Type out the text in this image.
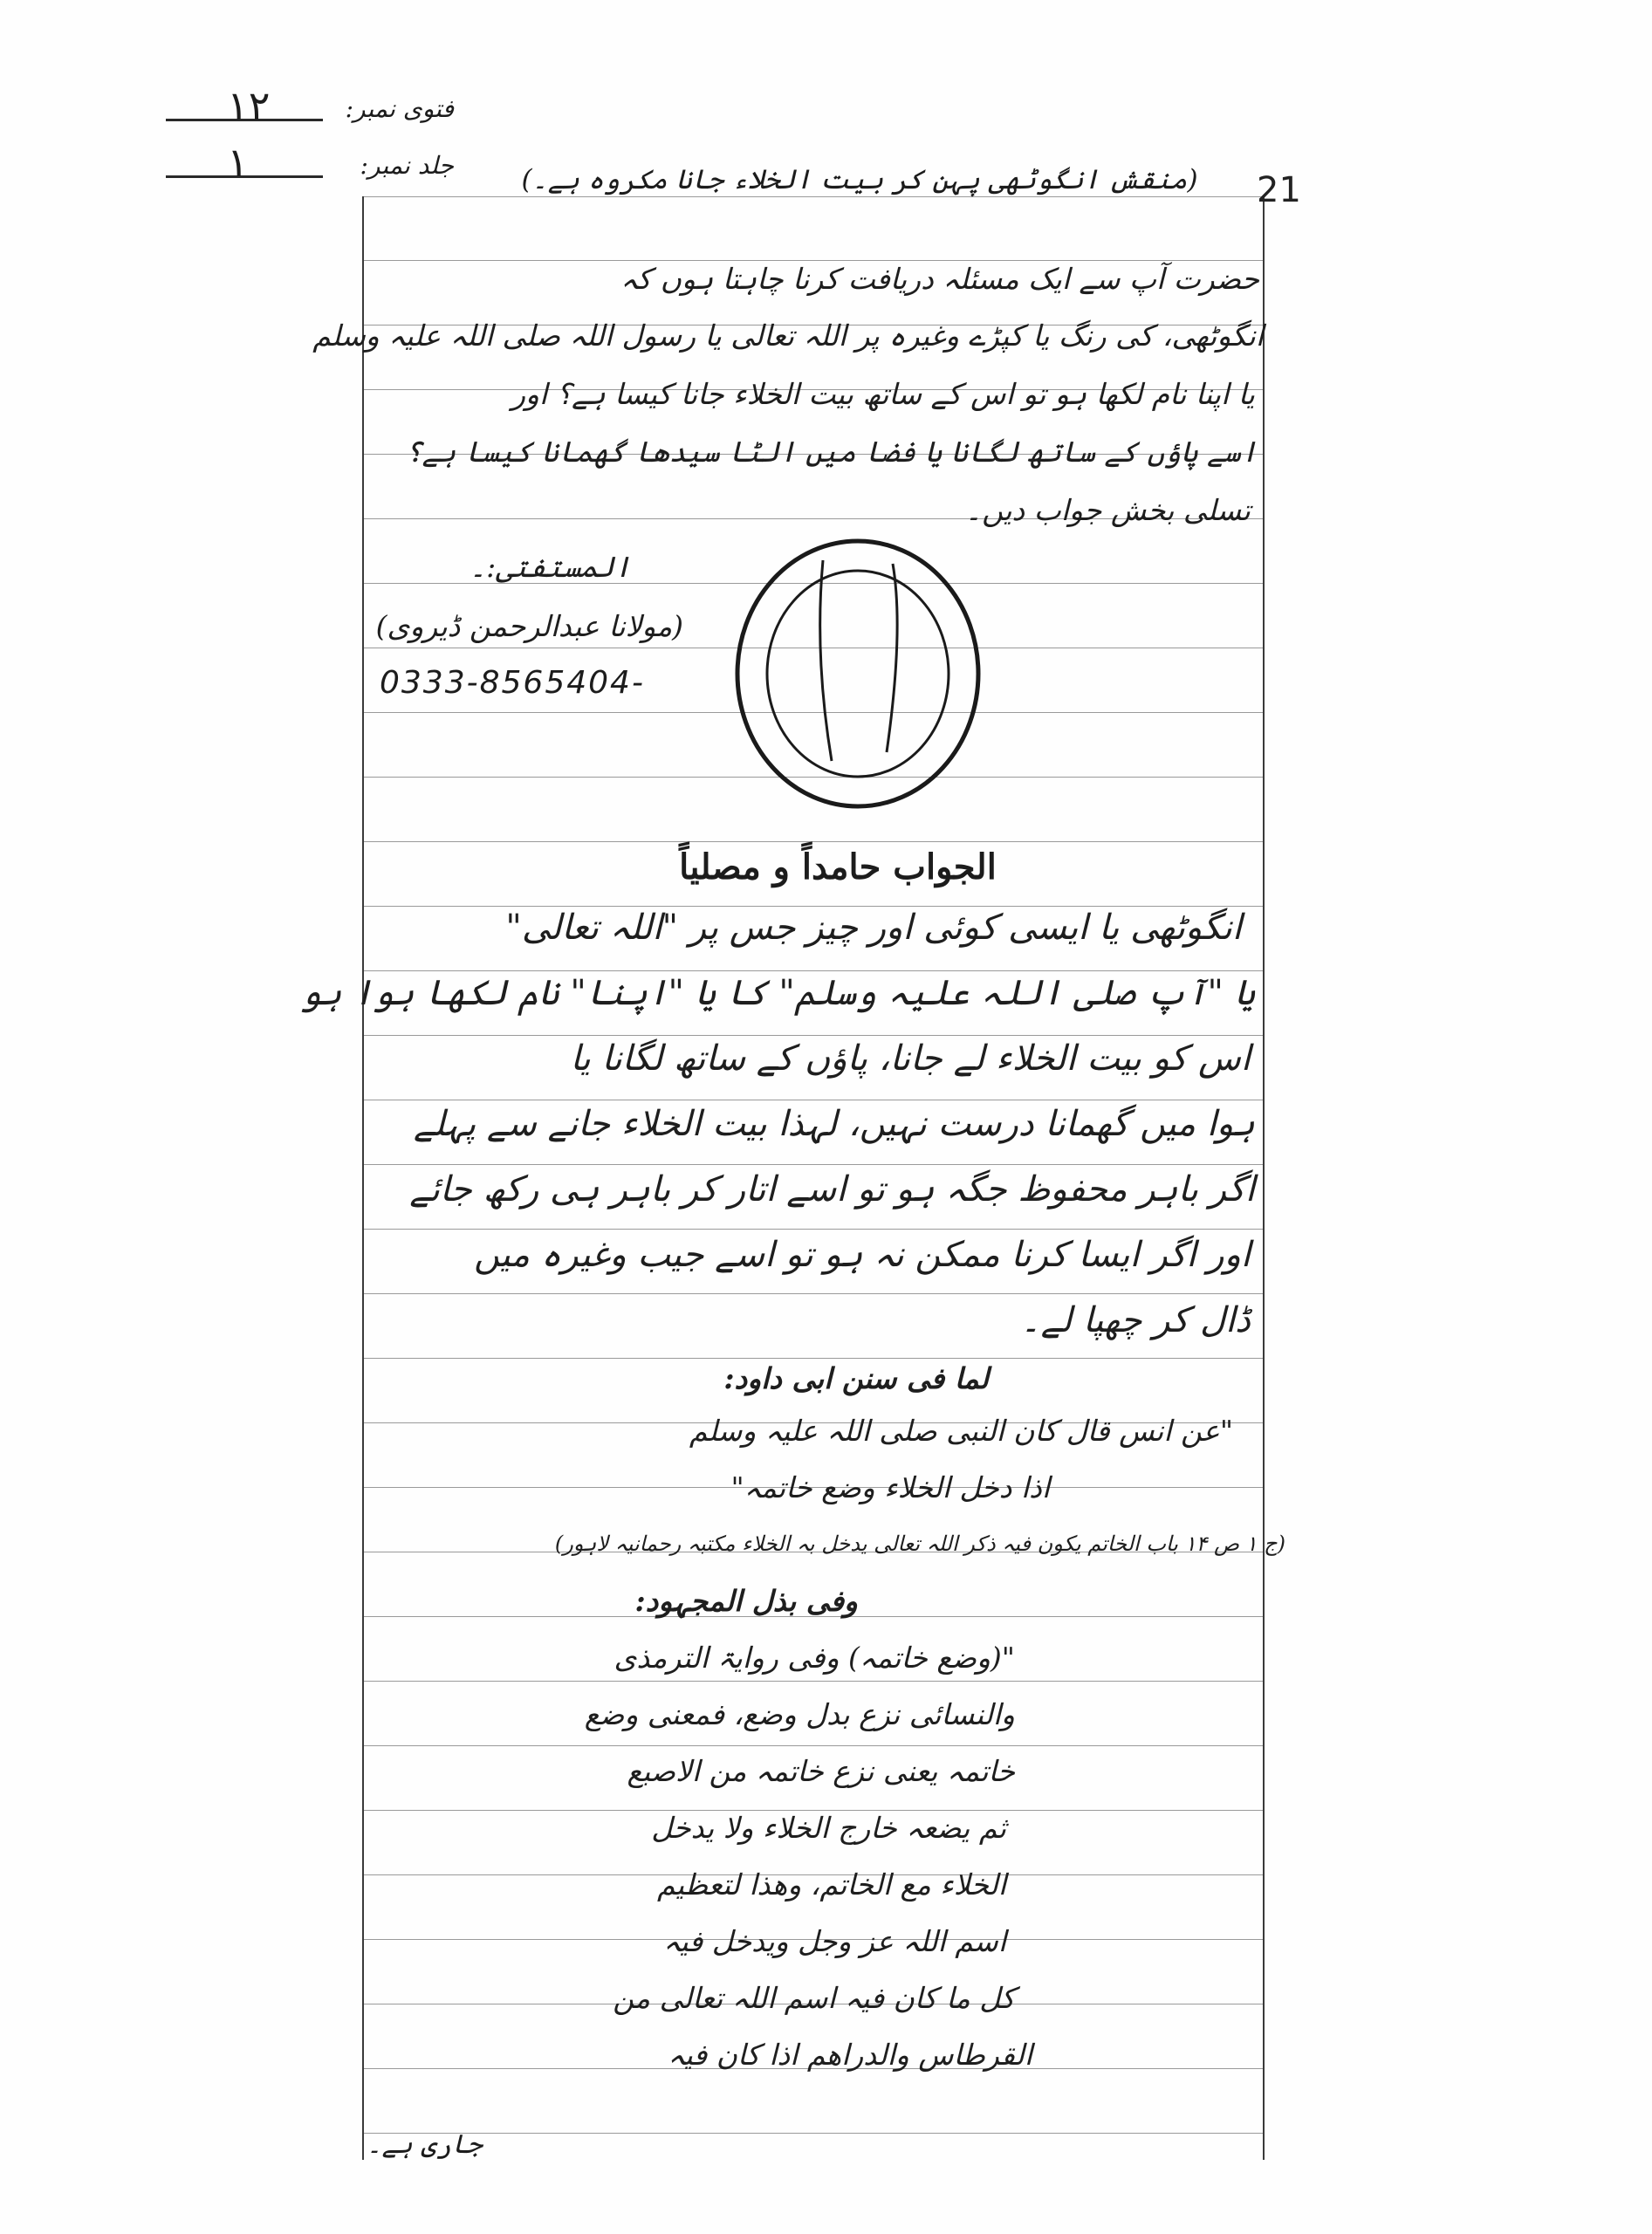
فتوی نمبر:
۱۲
جلد نمبر:
۱
21
(منقش انگوٹھی پہن کر بیت الخلاء جانا مکروہ ہے۔)
حضرت آپ سے ایک مسئلہ دریافت کرنا چاہتا ہوں کہ
انگوٹھی، کی رنگ یا کپڑے وغیرہ پر اللہ تعالی یا رسول اللہ صلی اللہ علیہ وسلم
یا اپنا نام لکھا ہو تو اس کے ساتھ بیت الخلاء جانا کیسا ہے؟ اور
اسے پاؤں کے ساتھ لگانا یا فضا میں الٹا سیدھا گھمانا کیسا ہے؟
تسلی بخش جواب دیں۔
المستفتی:۔
(مولانا عبدالرحمن ڈیروی)
0333-8565404-
الجواب حامداً و مصلیاً
انگوٹھی یا ایسی کوئی اور چیز جس پر "اللہ تعالی"
یا "آپ صلی اللہ علیہ وسلم" کا یا "اپنا" نام لکھا ہوا ہو
اس کو بیت الخلاء لے جانا، پاؤں کے ساتھ لگانا یا
ہوا میں گھمانا درست نہیں، لہذا بیت الخلاء جانے سے پہلے
اگر باہر محفوظ جگہ ہو تو اسے اتار کر باہر ہی رکھ جائے
اور اگر ایسا کرنا ممکن نہ ہو تو اسے جیب وغیرہ میں
ڈال کر چھپا لے۔
لما فی سنن ابی داود:
"عن انس قال کان النبی صلی اللہ علیہ وسلم
اذا دخل الخلاء وضع خاتمہ"
(ج ۱ ص ۱۴ باب الخاتم یکون فیہ ذکر اللہ تعالی یدخل بہ الخلاء مکتبہ رحمانیہ لاہور)
وفی بذل المجہود:
"(وضع خاتمہ) وفی روایۃ الترمذی
والنسائی نزع بدل وضع، فمعنی وضع
خاتمہ یعنی نزع خاتمہ من الاصبع
ثم یضعہ خارج الخلاء ولا یدخل
الخلاء مع الخاتم، وھذا لتعظیم
اسم اللہ عز وجل ویدخل فیہ
کل ما کان فیہ اسم اللہ تعالی من
القرطاس والدراھم اذا کان فیہ
جاری ہے۔
